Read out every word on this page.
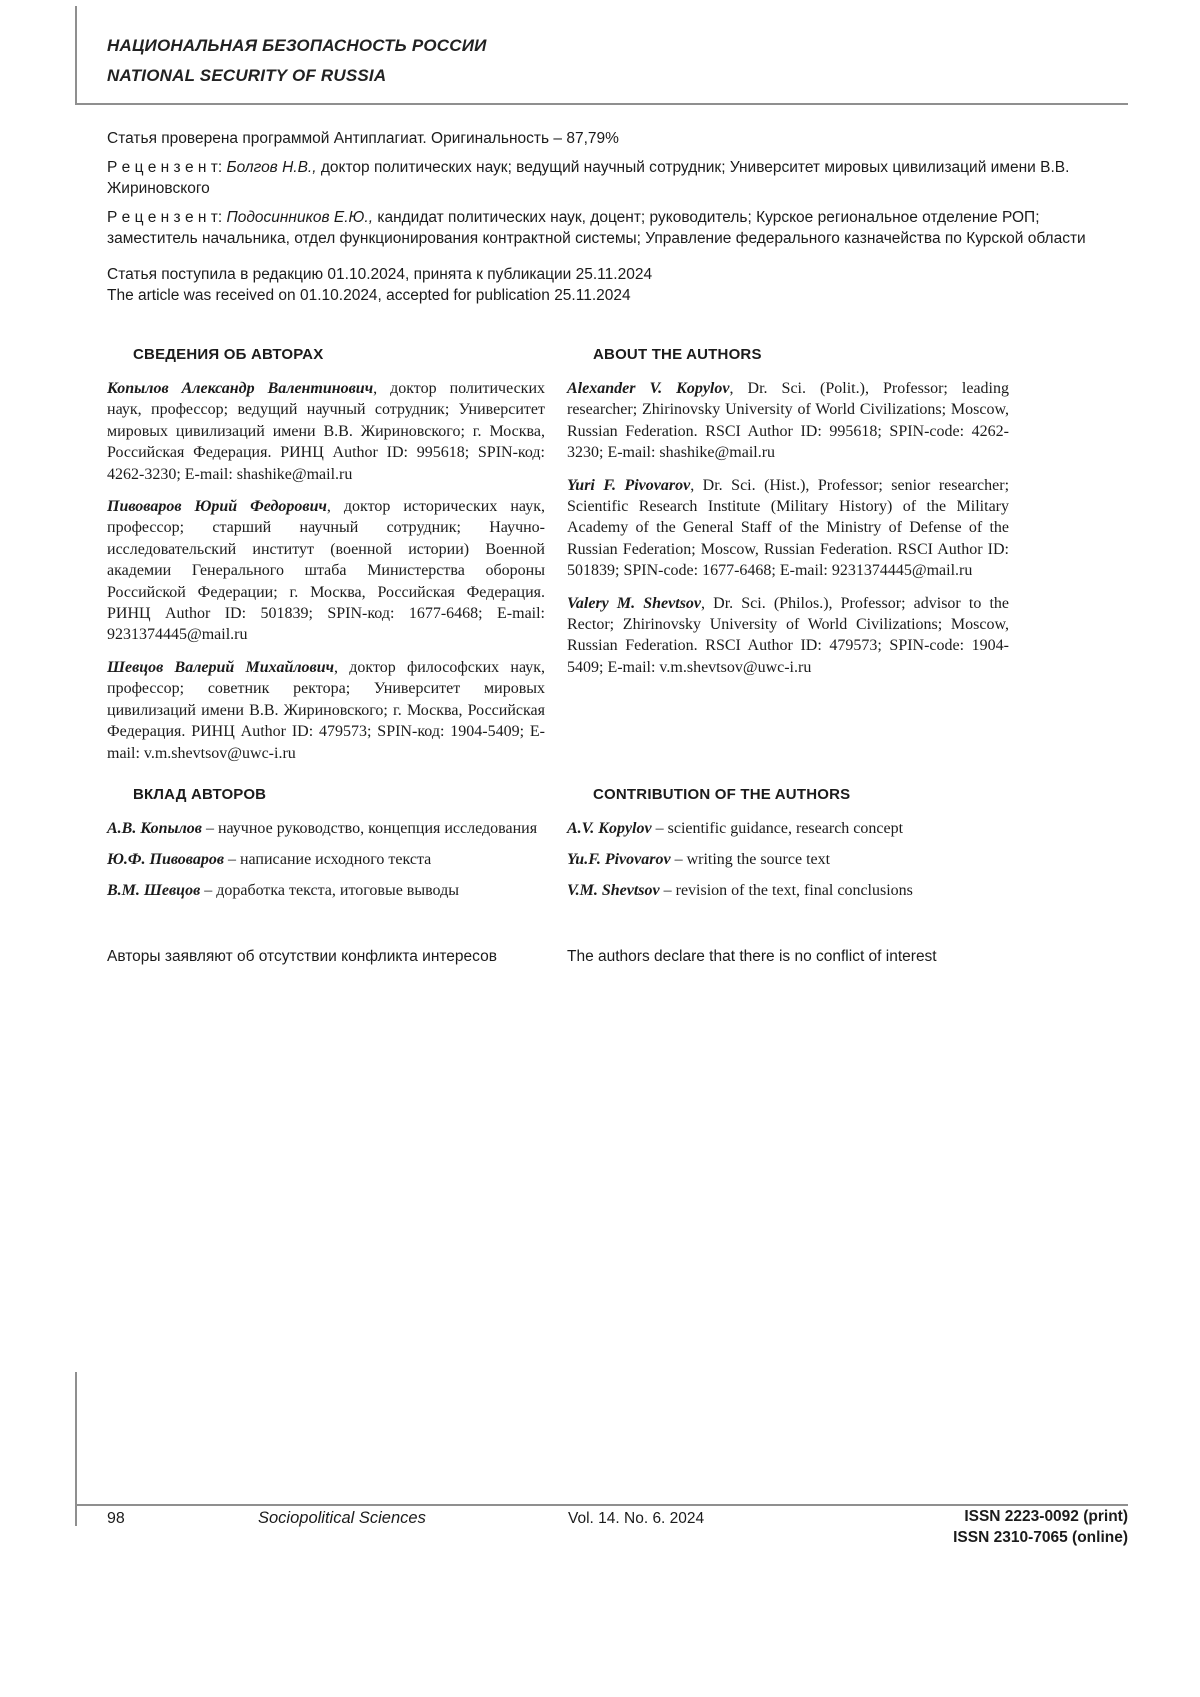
НАЦИОНАЛЬНАЯ БЕЗОПАСНОСТЬ РОССИИ
NATIONAL SECURITY OF RUSSIA

Статья проверена программой Антиплагиат. Оригинальность – 87,79%

Р е ц е н з е н т: Болгов Н.В., доктор политических наук; ведущий научный сотрудник; Университет мировых цивилизаций имени В.В. Жириновского

Р е ц е н з е н т: Подосинников Е.Ю., кандидат политических наук, доцент; руководитель; Курское региональное отделение РОП; заместитель начальника, отдел функционирования контрактной системы; Управление федерального казначейства по Курской области

Статья поступила в редакцию 01.10.2024, принята к публикации 25.11.2024

The article was received on 01.10.2024, accepted for publication 25.11.2024

СВЕДЕНИЯ ОБ АВТОРАХ

Копылов Александр Валентинович, доктор политических наук, профессор; ведущий научный сотрудник; Университет мировых цивилизаций имени В.В. Жириновского; г. Москва, Российская Федерация. РИНЦ Author ID: 995618; SPIN-код: 4262-3230; E-mail: shashike@mail.ru

Пивоваров Юрий Федорович, доктор исторических наук, профессор; старший научный сотрудник; Научно-исследовательский институт (военной истории) Военной академии Генерального штаба Министерства обороны Российской Федерации; г. Москва, Российская Федерация. РИНЦ Author ID: 501839; SPIN-код: 1677-6468; E-mail: 9231374445@mail.ru

Шевцов Валерий Михайлович, доктор философских наук, профессор; советник ректора; Университет мировых цивилизаций имени В.В. Жириновского; г. Москва, Российская Федерация. РИНЦ Author ID: 479573; SPIN-код: 1904-5409; E-mail: v.m.shevtsov@uwc-i.ru

ABOUT THE AUTHORS

Alexander V. Kopylov, Dr. Sci. (Polit.), Professor; leading researcher; Zhirinovsky University of World Civilizations; Moscow, Russian Federation. RSCI Author ID: 995618; SPIN-code: 4262-3230; E-mail: shashike@mail.ru

Yuri F. Pivovarov, Dr. Sci. (Hist.), Professor; senior researcher; Scientific Research Institute (Military History) of the Military Academy of the General Staff of the Ministry of Defense of the Russian Federation; Moscow, Russian Federation. RSCI Author ID: 501839; SPIN-code: 1677-6468; E-mail: 9231374445@mail.ru

Valery M. Shevtsov, Dr. Sci. (Philos.), Professor; advisor to the Rector; Zhirinovsky University of World Civilizations; Moscow, Russian Federation. RSCI Author ID: 479573; SPIN-code: 1904-5409; E-mail: v.m.shevtsov@uwc-i.ru

ВКЛАД АВТОРОВ

А.В. Копылов – научное руководство, концепция исследования

Ю.Ф. Пивоваров – написание исходного текста

В.М. Шевцов – доработка текста, итоговые выводы

CONTRIBUTION OF THE AUTHORS

A.V. Kopylov – scientific guidance, research concept

Yu.F. Pivovarov – writing the source text

V.M. Shevtsov – revision of the text, final conclusions

Авторы заявляют об отсутствии конфликта интересов	The authors declare that there is no conflict of interest

98	Sociopolitical Sciences	Vol. 14. No. 6. 2024	ISSN 2223-0092 (print)
ISSN 2310-7065 (online)
